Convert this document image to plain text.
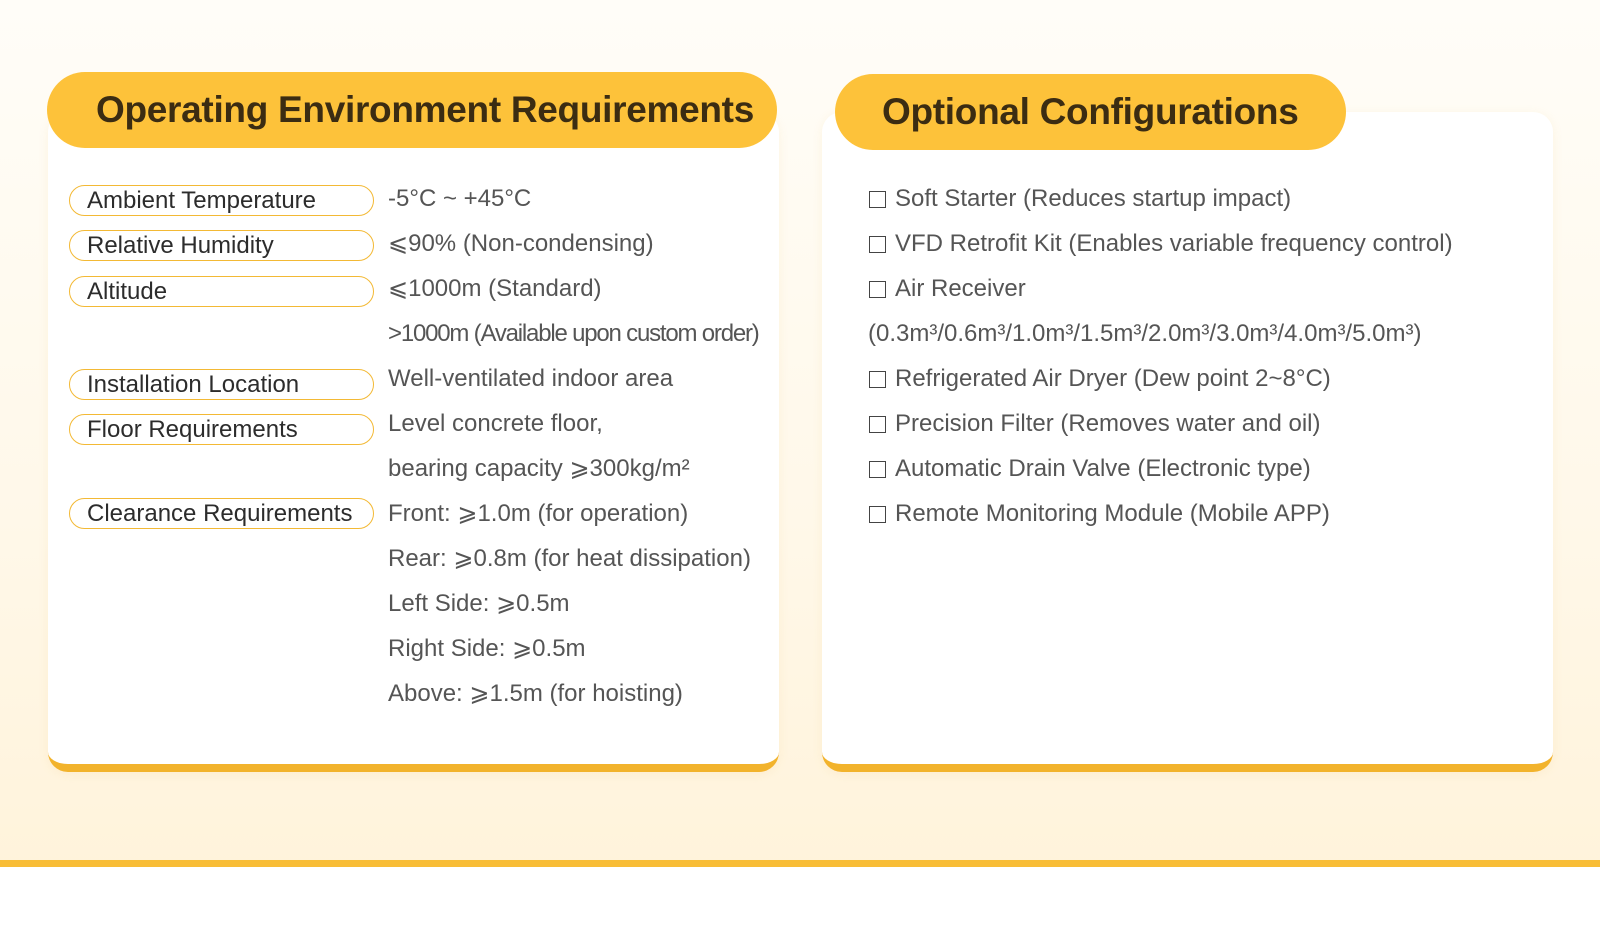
Operating Environment Requirements
Ambient Temperature	-5°C ~ +45°C
Relative Humidity	⩽90% (Non-condensing)
Altitude	⩽1000m (Standard)
>1000m (Available upon custom order)
Installation Location	Well-ventilated indoor area
Floor Requirements	Level concrete floor,
bearing capacity ⩾300kg/m²
Clearance Requirements	Front: ⩾1.0m (for operation)
Rear: ⩾0.8m (for heat dissipation)
Left Side: ⩾0.5m
Right Side: ⩾0.5m
Above: ⩾1.5m (for hoisting)
Optional Configurations
Soft Starter (Reduces startup impact)
VFD Retrofit Kit (Enables variable frequency control)
Air Receiver
(0.3m³/0.6m³/1.0m³/1.5m³/2.0m³/3.0m³/4.0m³/5.0m³)
Refrigerated Air Dryer (Dew point 2~8°C)
Precision Filter (Removes water and oil)
Automatic Drain Valve (Electronic type)
Remote Monitoring Module (Mobile APP)
